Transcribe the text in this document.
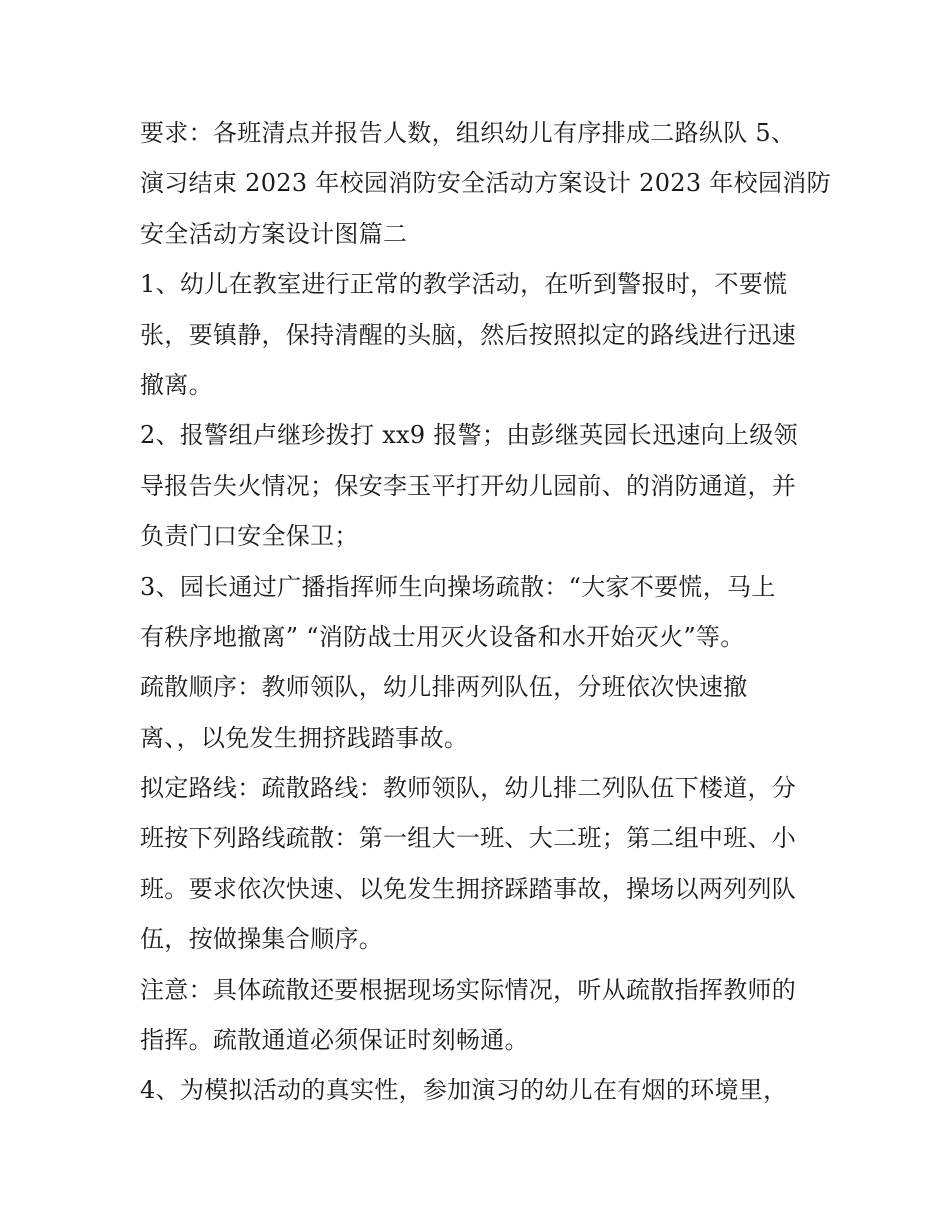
要求：各班清点并报告人数，组织幼儿有序排成二路纵队 5、
演习结束 2023 年校园消防安全活动方案设计 2023 年校园消防
安全活动方案设计图篇二
1、幼儿在教室进行正常的教学活动，在听到警报时，不要慌
张，要镇静，保持清醒的头脑，然后按照拟定的路线进行迅速
撤离。
2、报警组卢继珍拨打 xx9 报警；由彭继英园长迅速向上级领
导报告失火情况；保安李玉平打开幼儿园前、的消防通道，并
负责门口安全保卫；
3、园长通过广播指挥师生向操场疏散：“大家不要慌，马上
有秩序地撤离” “消防战士用灭火设备和水开始灭火”等。
疏散顺序：教师领队，幼儿排两列队伍，分班依次快速撤
离、，以免发生拥挤践踏事故。
拟定路线：疏散路线：教师领队，幼儿排二列队伍下楼道，分
班按下列路线疏散：第一组大一班、大二班；第二组中班、小
班。要求依次快速、以免发生拥挤踩踏事故，操场以两列列队
伍，按做操集合顺序。
注意：具体疏散还要根据现场实际情况，听从疏散指挥教师的
指挥。疏散通道必须保证时刻畅通。
4、为模拟活动的真实性，参加演习的幼儿在有烟的环境里，
